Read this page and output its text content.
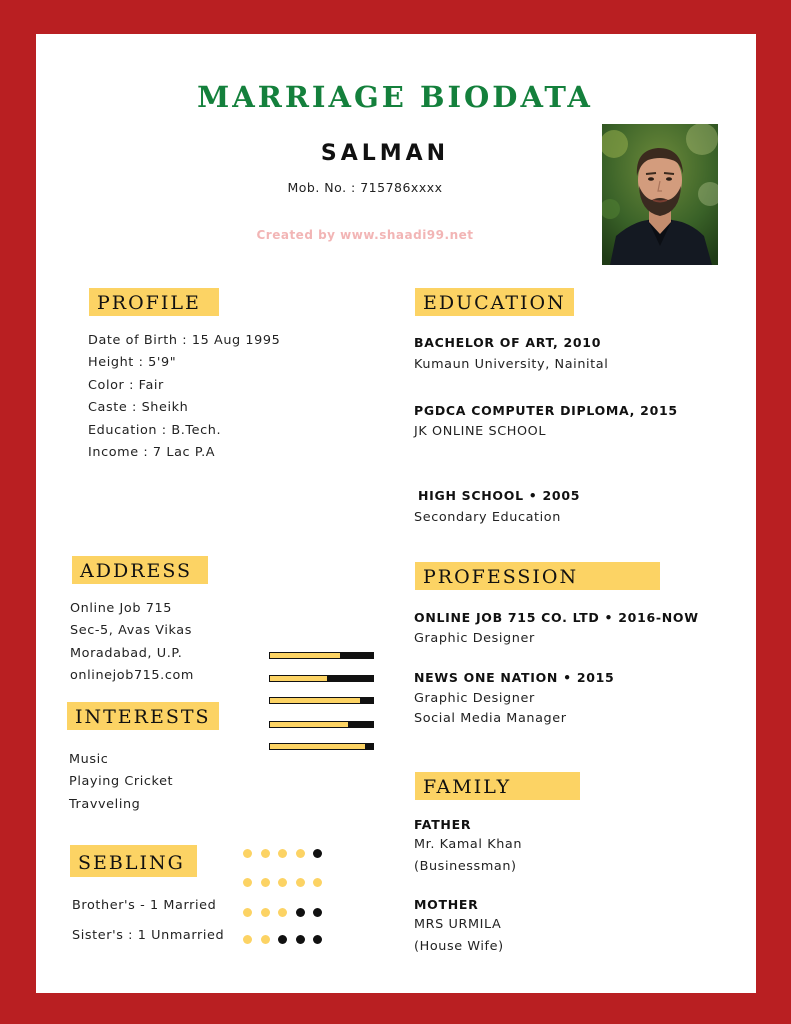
MARRIAGE BIODATA
SALMAN
Mob. No. : 715786xxxx
Created by www.shaadi99.net
PROFILE
Date of Birth : 15 Aug 1995
Height : 5'9"
Color : Fair
Caste : Sheikh
Education : B.Tech.
Income : 7 Lac P.A
ADDRESS
Online Job 715
Sec-5, Avas Vikas
Moradabad, U.P.
onlinejob715.com
INTERESTS
Music
Playing Cricket
Travveling
SEBLING
Brother's - 1 Married
Sister's : 1 Unmarried
EDUCATION
BACHELOR OF ART, 2010
Kumaun University, Nainital
PGDCA COMPUTER DIPLOMA, 2015
JK ONLINE SCHOOL
HIGH SCHOOL • 2005
Secondary Education
PROFESSION
ONLINE JOB 715 CO. LTD • 2016-NOW
Graphic Designer
NEWS ONE NATION • 2015
Graphic Designer
Social Media Manager
FAMILY
FATHER
Mr. Kamal Khan
(Businessman)
MOTHER
MRS URMILA
(House Wife)
